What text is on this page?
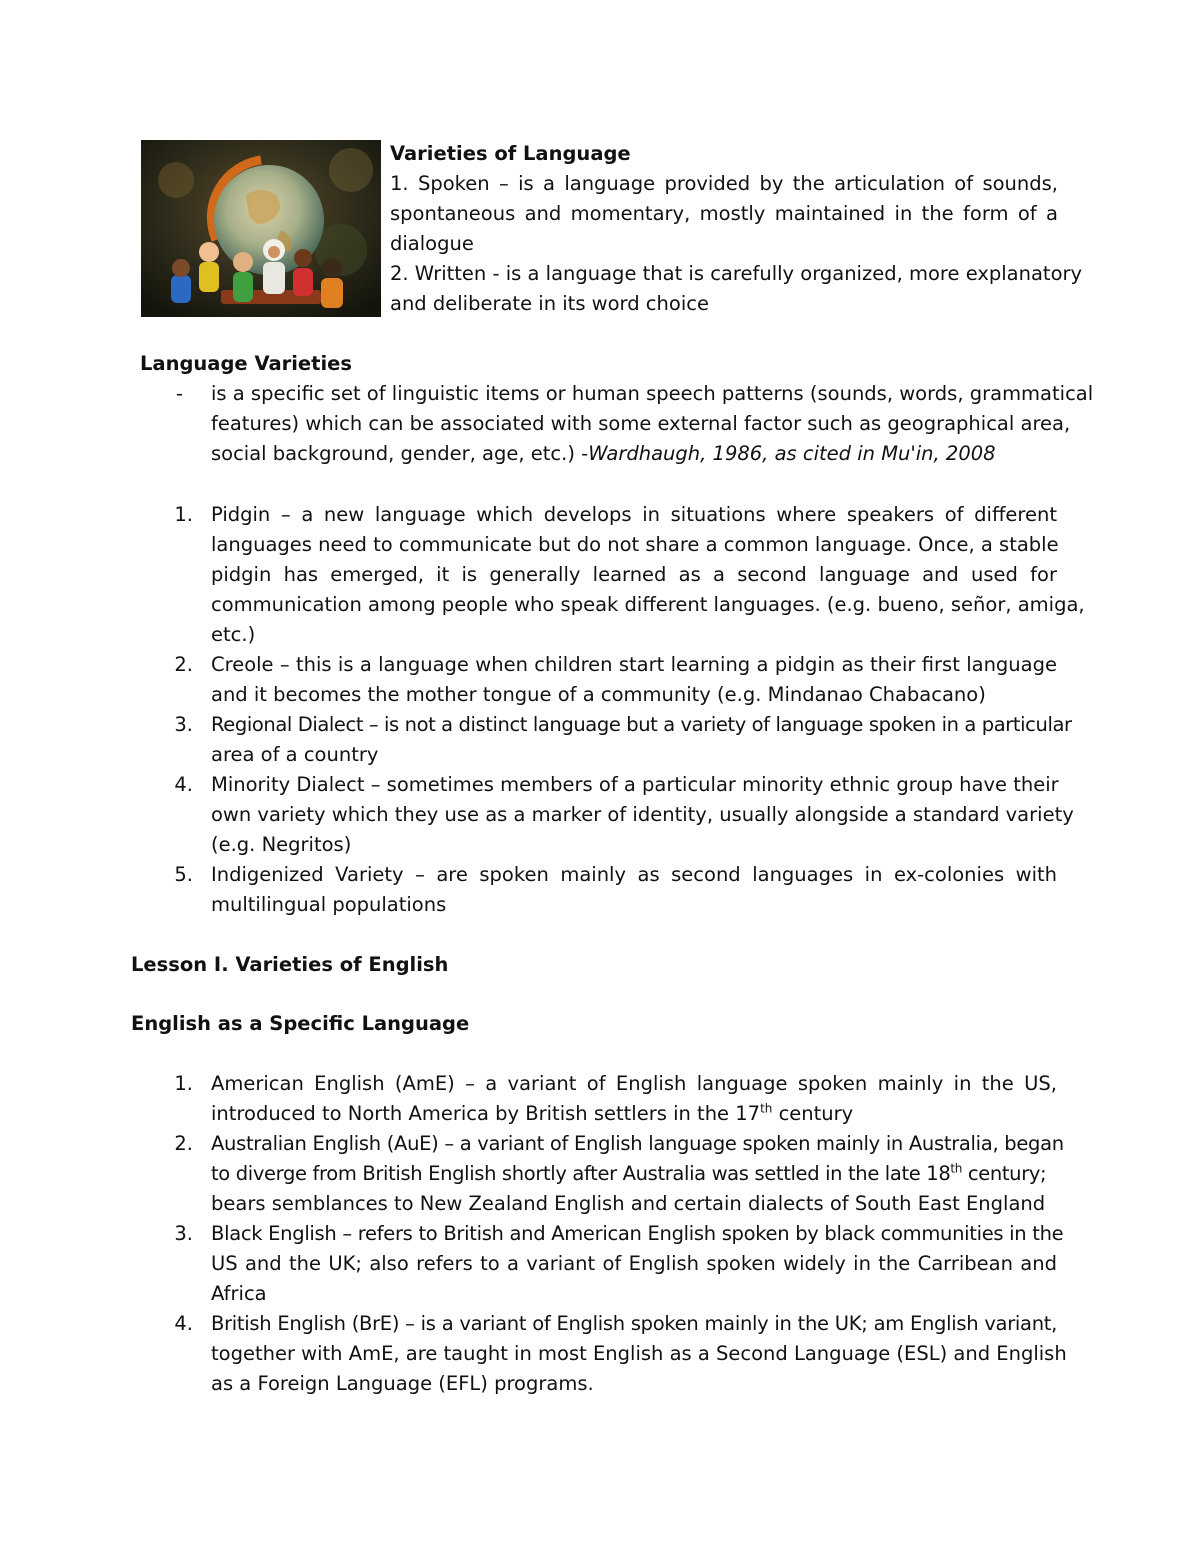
Varieties of Language
1. Spoken – is a language provided by the articulation of sounds,
spontaneous and momentary, mostly maintained in the form of a
dialogue
2. Written - is a language that is carefully organized, more explanatory
and deliberate in its word choice
Language Varieties
- is a specific set of linguistic items or human speech patterns (sounds, words, grammatical
features) which can be associated with some external factor such as geographical area,
social background, gender, age, etc.) -Wardhaugh, 1986, as cited in Mu'in, 2008
1. Pidgin – a new language which develops in situations where speakers of different
languages need to communicate but do not share a common language. Once, a stable
pidgin has emerged, it is generally learned as a second language and used for
communication among people who speak different languages. (e.g. bueno, señor, amiga,
etc.)
2. Creole – this is a language when children start learning a pidgin as their first language
and it becomes the mother tongue of a community (e.g. Mindanao Chabacano)
3. Regional Dialect – is not a distinct language but a variety of language spoken in a particular
area of a country
4. Minority Dialect – sometimes members of a particular minority ethnic group have their
own variety which they use as a marker of identity, usually alongside a standard variety
(e.g. Negritos)
5. Indigenized Variety – are spoken mainly as second languages in ex-colonies with
multilingual populations
Lesson I. Varieties of English
English as a Specific Language
1. American English (AmE) – a variant of English language spoken mainly in the US,
introduced to North America by British settlers in the 17th century
2. Australian English (AuE) – a variant of English language spoken mainly in Australia, began
to diverge from British English shortly after Australia was settled in the late 18th century;
bears semblances to New Zealand English and certain dialects of South East England
3. Black English – refers to British and American English spoken by black communities in the
US and the UK; also refers to a variant of English spoken widely in the Carribean and
Africa
4. British English (BrE) – is a variant of English spoken mainly in the UK; am English variant,
together with AmE, are taught in most English as a Second Language (ESL) and English
as a Foreign Language (EFL) programs.
